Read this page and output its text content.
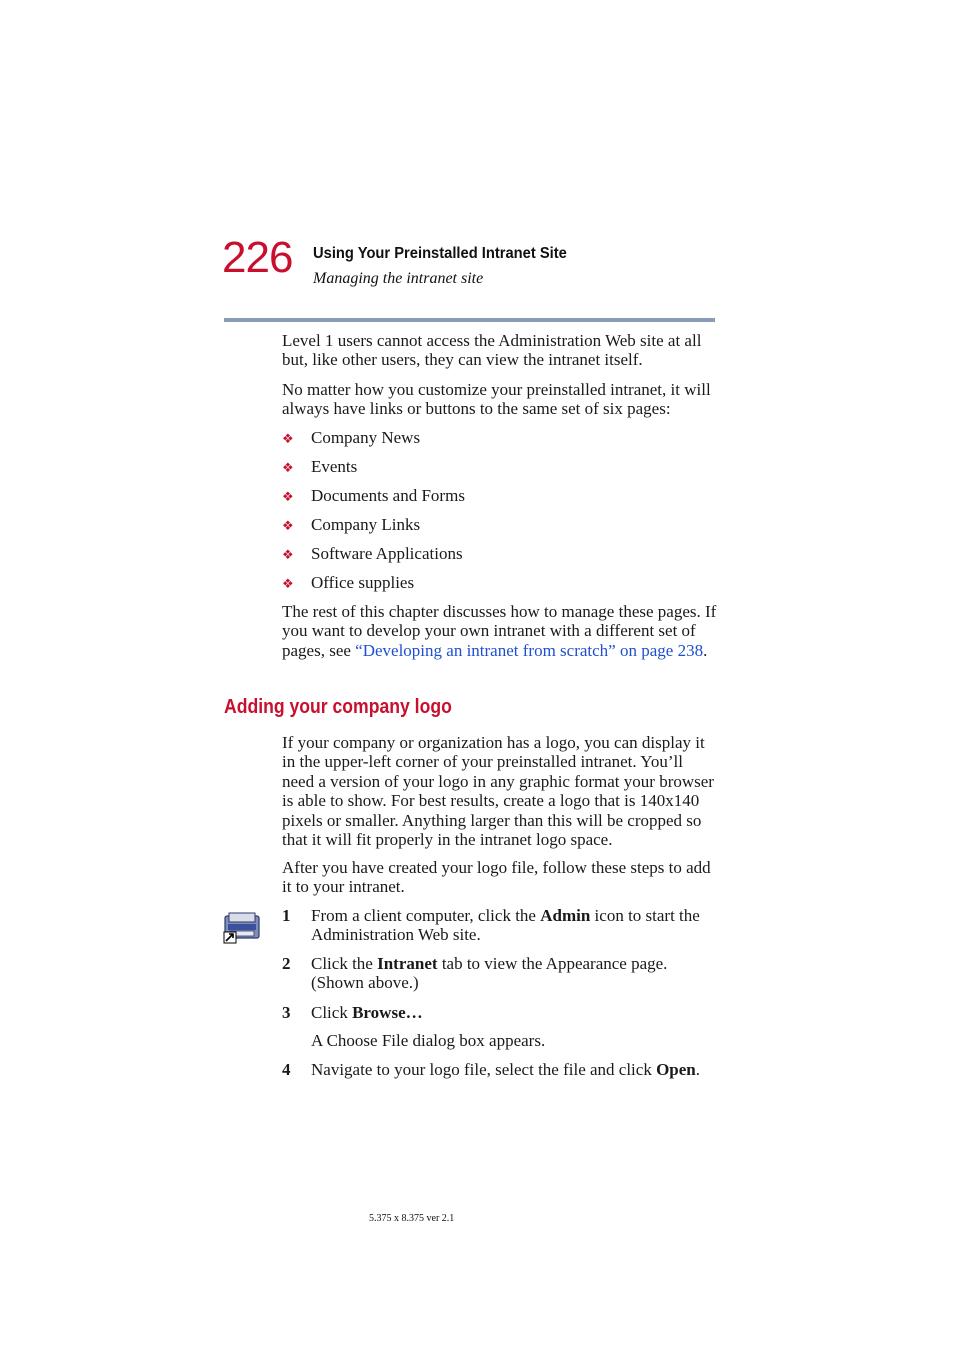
226 Using Your Preinstalled Intranet Site
Managing the intranet site

Level 1 users cannot access the Administration Web site at all but, like other users, they can view the intranet itself.

No matter how you customize your preinstalled intranet, it will always have links or buttons to the same set of six pages:

❖ Company News
❖ Events
❖ Documents and Forms
❖ Company Links
❖ Software Applications
❖ Office supplies

The rest of this chapter discusses how to manage these pages. If you want to develop your own intranet with a different set of pages, see “Developing an intranet from scratch” on page 238.

Adding your company logo

If your company or organization has a logo, you can display it in the upper-left corner of your preinstalled intranet. You’ll need a version of your logo in any graphic format your browser is able to show. For best results, create a logo that is 140x140 pixels or smaller. Anything larger than this will be cropped so that it will fit properly in the intranet logo space.

After you have created your logo file, follow these steps to add it to your intranet.

1 From a client computer, click the Admin icon to start the Administration Web site.
2 Click the Intranet tab to view the Appearance page. (Shown above.)
3 Click Browse…
A Choose File dialog box appears.
4 Navigate to your logo file, select the file and click Open.
5.375 x 8.375 ver 2.1
